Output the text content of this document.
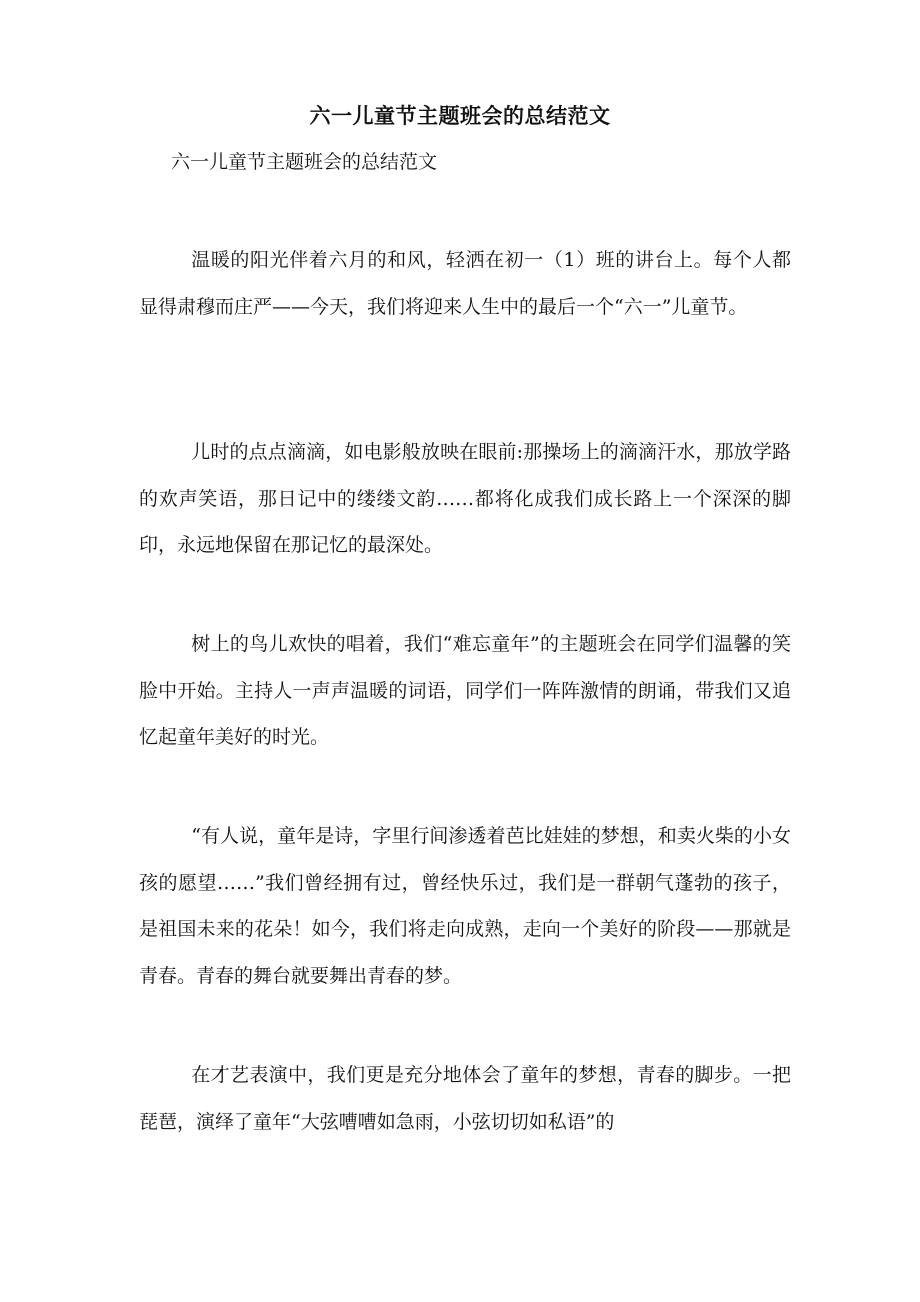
六一儿童节主题班会的总结范文
六一儿童节主题班会的总结范文

温暖的阳光伴着六月的和风，轻洒在初一（1）班的讲台上。每个人都显得肃穆而庄严——今天，我们将迎来人生中的最后一个“六一”儿童节。

儿时的点点滴滴，如电影般放映在眼前:那操场上的滴滴汗水，那放学路的欢声笑语，那日记中的缕缕文韵……都将化成我们成长路上一个深深的脚印，永远地保留在那记忆的最深处。

树上的鸟儿欢快的唱着，我们“难忘童年”的主题班会在同学们温馨的笑脸中开始。主持人一声声温暖的词语，同学们一阵阵激情的朗诵，带我们又追忆起童年美好的时光。

“有人说，童年是诗，字里行间渗透着芭比娃娃的梦想，和卖火柴的小女孩的愿望……”我们曾经拥有过，曾经快乐过，我们是一群朝气蓬勃的孩子，是祖国未来的花朵！如今，我们将走向成熟，走向一个美好的阶段——那就是青春。青春的舞台就要舞出青春的梦。

在才艺表演中，我们更是充分地体会了童年的梦想，青春的脚步。一把琵琶，演绎了童年“大弦嘈嘈如急雨，小弦切切如私语”的
